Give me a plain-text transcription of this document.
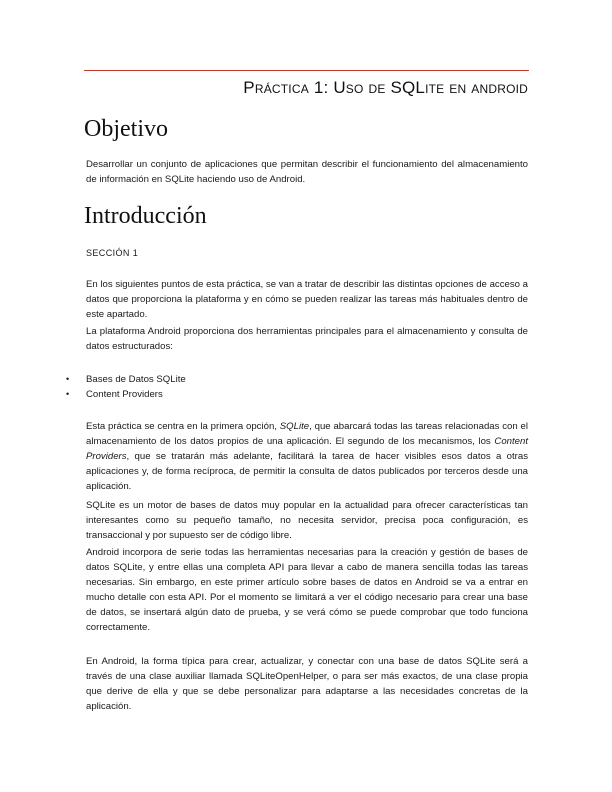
Práctica 1: Uso de SQLite en android
Objetivo

Desarrollar un conjunto de aplicaciones que permitan describir el funcionamiento del almacenamiento de información en SQLite haciendo uso de Android.

Introducción
SECCIÓN 1

En los siguientes puntos de esta práctica, se van a tratar de describir las distintas opciones de acceso a datos que proporciona la plataforma y en cómo se pueden realizar las tareas más habituales dentro de este apartado.

La plataforma Android proporciona dos herramientas principales para el almacenamiento y consulta de datos estructurados:

• Bases de Datos SQLite
• Content Providers

Esta práctica se centra en la primera opción, SQLite, que abarcará todas las tareas relacionadas con el almacenamiento de los datos propios de una aplicación. El segundo de los mecanismos, los Content Providers, que se tratarán más adelante, facilitará la tarea de hacer visibles esos datos a otras aplicaciones y, de forma recíproca, de permitir la consulta de datos publicados por terceros desde una aplicación.

SQLite es un motor de bases de datos muy popular en la actualidad para ofrecer características tan interesantes como su pequeño tamaño, no necesita servidor, precisa poca configuración, es transaccional y por supuesto ser de código libre.

Android incorpora de serie todas las herramientas necesarias para la creación y gestión de bases de datos SQLite, y entre ellas una completa API para llevar a cabo de manera sencilla todas las tareas necesarias. Sin embargo, en este primer artículo sobre bases de datos en Android se va a entrar en mucho detalle con esta API. Por el momento se limitará a ver el código necesario para crear una base de datos, se insertará algún dato de prueba, y se verá cómo se puede comprobar que todo funciona correctamente.

En Android, la forma típica para crear, actualizar, y conectar con una base de datos SQLite será a través de una clase auxiliar llamada SQLiteOpenHelper, o para ser más exactos, de una clase propia que derive de ella y que se debe personalizar para adaptarse a las necesidades concretas de la aplicación.
